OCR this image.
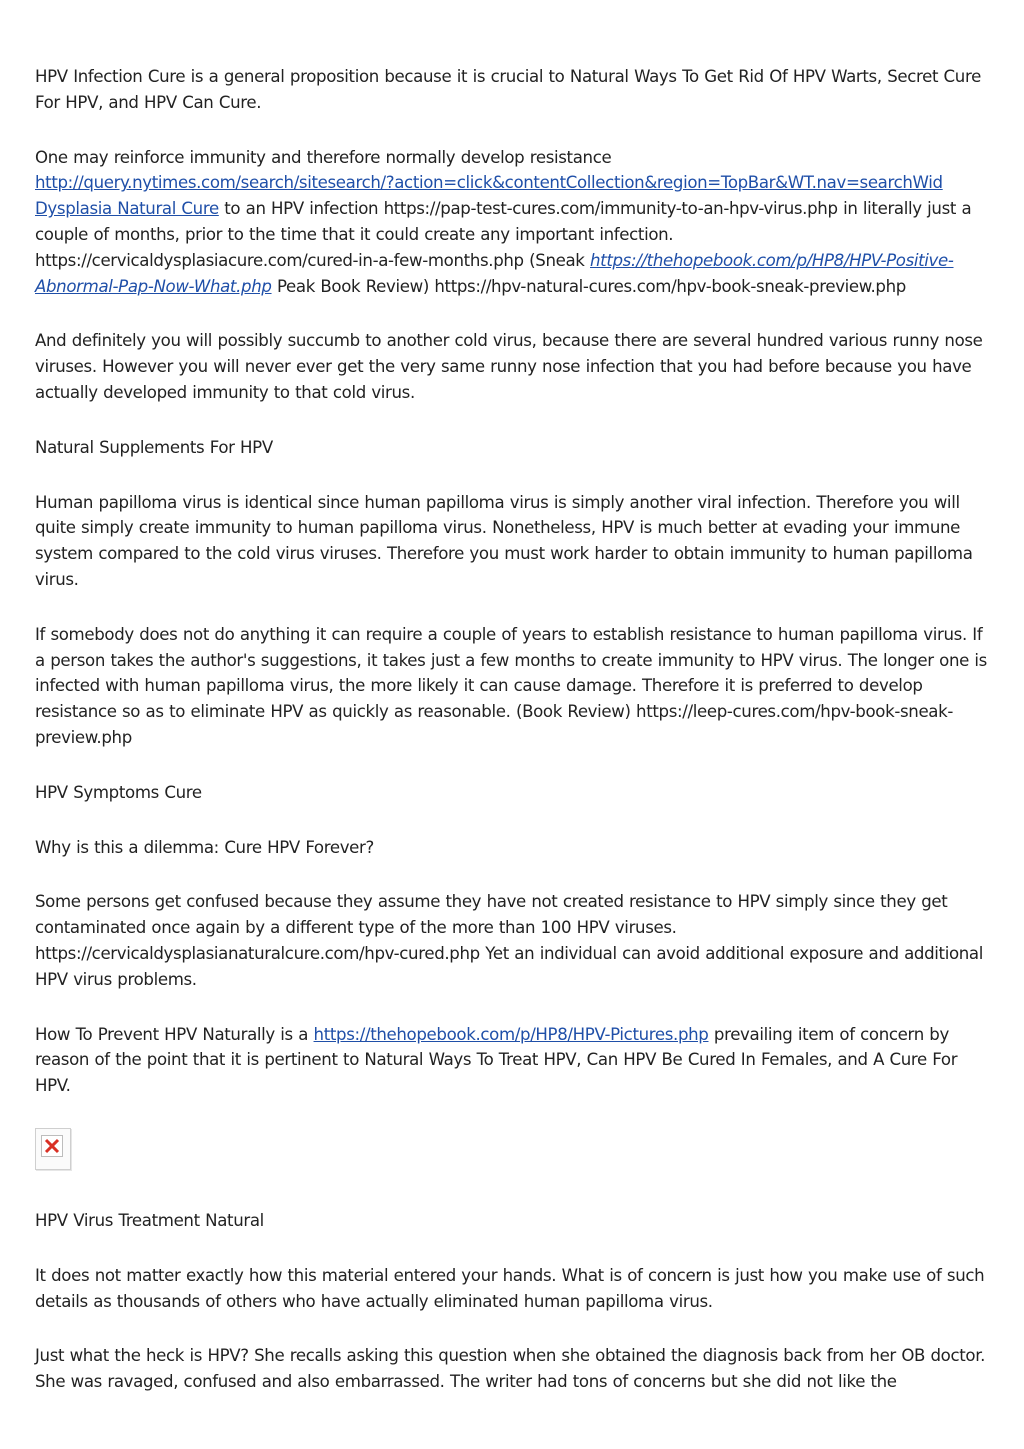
HPV Infection Cure is a general proposition because it is crucial to Natural Ways To Get Rid Of HPV Warts, Secret Cure For HPV, and HPV Can Cure.

One may reinforce immunity and therefore normally develop resistance http://query.nytimes.com/search/sitesearch/?action=click&contentCollection&region=TopBar&WT.nav=searchWid Dysplasia Natural Cure to an HPV infection https://pap-test-cures.com/immunity-to-an-hpv-virus.php in literally just a couple of months, prior to the time that it could create any important infection. https://cervicaldysplasiacure.com/cured-in-a-few-months.php (Sneak https://thehopebook.com/p/HP8/HPV-Positive-Abnormal-Pap-Now-What.php Peak Book Review) https://hpv-natural-cures.com/hpv-book-sneak-preview.php

And definitely you will possibly succumb to another cold virus, because there are several hundred various runny nose viruses. However you will never ever get the very same runny nose infection that you had before because you have actually developed immunity to that cold virus.

Natural Supplements For HPV

Human papilloma virus is identical since human papilloma virus is simply another viral infection. Therefore you will quite simply create immunity to human papilloma virus. Nonetheless, HPV is much better at evading your immune system compared to the cold virus viruses. Therefore you must work harder to obtain immunity to human papilloma virus.

If somebody does not do anything it can require a couple of years to establish resistance to human papilloma virus. If a person takes the author's suggestions, it takes just a few months to create immunity to HPV virus. The longer one is infected with human papilloma virus, the more likely it can cause damage. Therefore it is preferred to develop resistance so as to eliminate HPV as quickly as reasonable. (Book Review) https://leep-cures.com/hpv-book-sneak-preview.php

HPV Symptoms Cure

Why is this a dilemma: Cure HPV Forever?

Some persons get confused because they assume they have not created resistance to HPV simply since they get contaminated once again by a different type of the more than 100 HPV viruses. https://cervicaldysplasianaturalcure.com/hpv-cured.php Yet an individual can avoid additional exposure and additional HPV virus problems.

How To Prevent HPV Naturally is a https://thehopebook.com/p/HP8/HPV-Pictures.php prevailing item of concern by reason of the point that it is pertinent to Natural Ways To Treat HPV, Can HPV Be Cured In Females, and A Cure For HPV.

HPV Virus Treatment Natural

It does not matter exactly how this material entered your hands. What is of concern is just how you make use of such details as thousands of others who have actually eliminated human papilloma virus.

Just what the heck is HPV? She recalls asking this question when she obtained the diagnosis back from her OB doctor. She was ravaged, confused and also embarrassed. The writer had tons of concerns but she did not like the
